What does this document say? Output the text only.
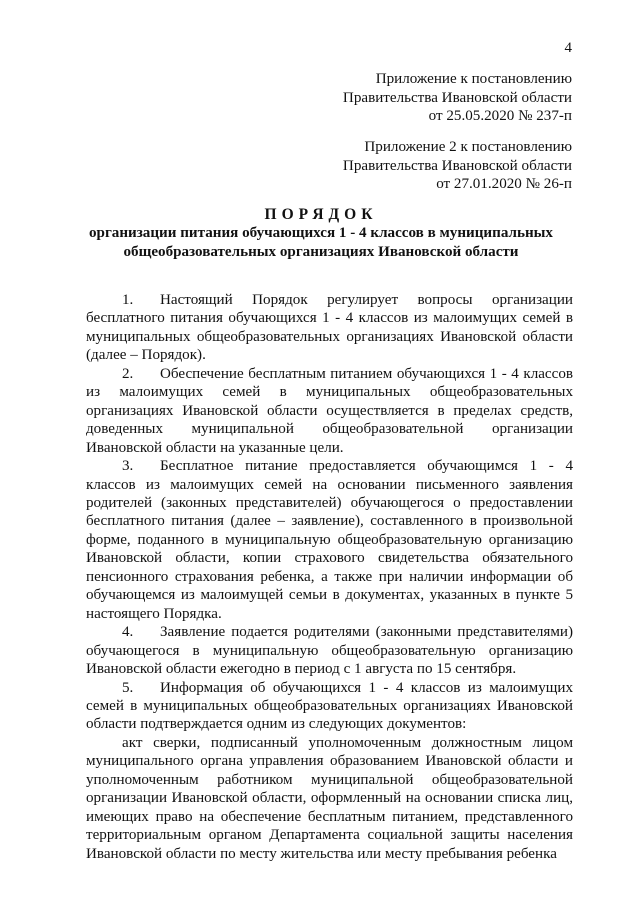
4
Приложение к постановлению
Правительства Ивановской области
от 25.05.2020 № 237-п
Приложение 2 к постановлению
Правительства Ивановской области
от 27.01.2020 № 26-п
ПОРЯДОК
организации питания обучающихся 1 - 4 классов в муниципальных
общеобразовательных организациях Ивановской области

1. Настоящий Порядок регулирует вопросы организации бесплатного питания обучающихся 1 - 4 классов из малоимущих семей в муниципальных общеобразовательных организациях Ивановской области (далее – Порядок).

2. Обеспечение бесплатным питанием обучающихся 1 - 4 классов из малоимущих семей в муниципальных общеобразовательных организациях Ивановской области осуществляется в пределах средств, доведенных муниципальной общеобразовательной организации Ивановской области на указанные цели.

3. Бесплатное питание предоставляется обучающимся 1 - 4 классов из малоимущих семей на основании письменного заявления родителей (законных представителей) обучающегося о предоставлении бесплатного питания (далее – заявление), составленного в произвольной форме, поданного в муниципальную общеобразовательную организацию Ивановской области, копии страхового свидетельства обязательного пенсионного страхования ребенка, а также при наличии информации об обучающемся из малоимущей семьи в документах, указанных в пункте 5 настоящего Порядка.

4. Заявление подается родителями (законными представителями) обучающегося в муниципальную общеобразовательную организацию Ивановской области ежегодно в период с 1 августа по 15 сентября.

5. Информация об обучающихся 1 - 4 классов из малоимущих семей в муниципальных общеобразовательных организациях Ивановской области подтверждается одним из следующих документов:

акт сверки, подписанный уполномоченным должностным лицом муниципального органа управления образованием Ивановской области и уполномоченным работником муниципальной общеобразовательной организации Ивановской области, оформленный на основании списка лиц, имеющих право на обеспечение бесплатным питанием, представленного территориальным органом Департамента социальной защиты населения Ивановской области по месту жительства или месту пребывания ребенка
